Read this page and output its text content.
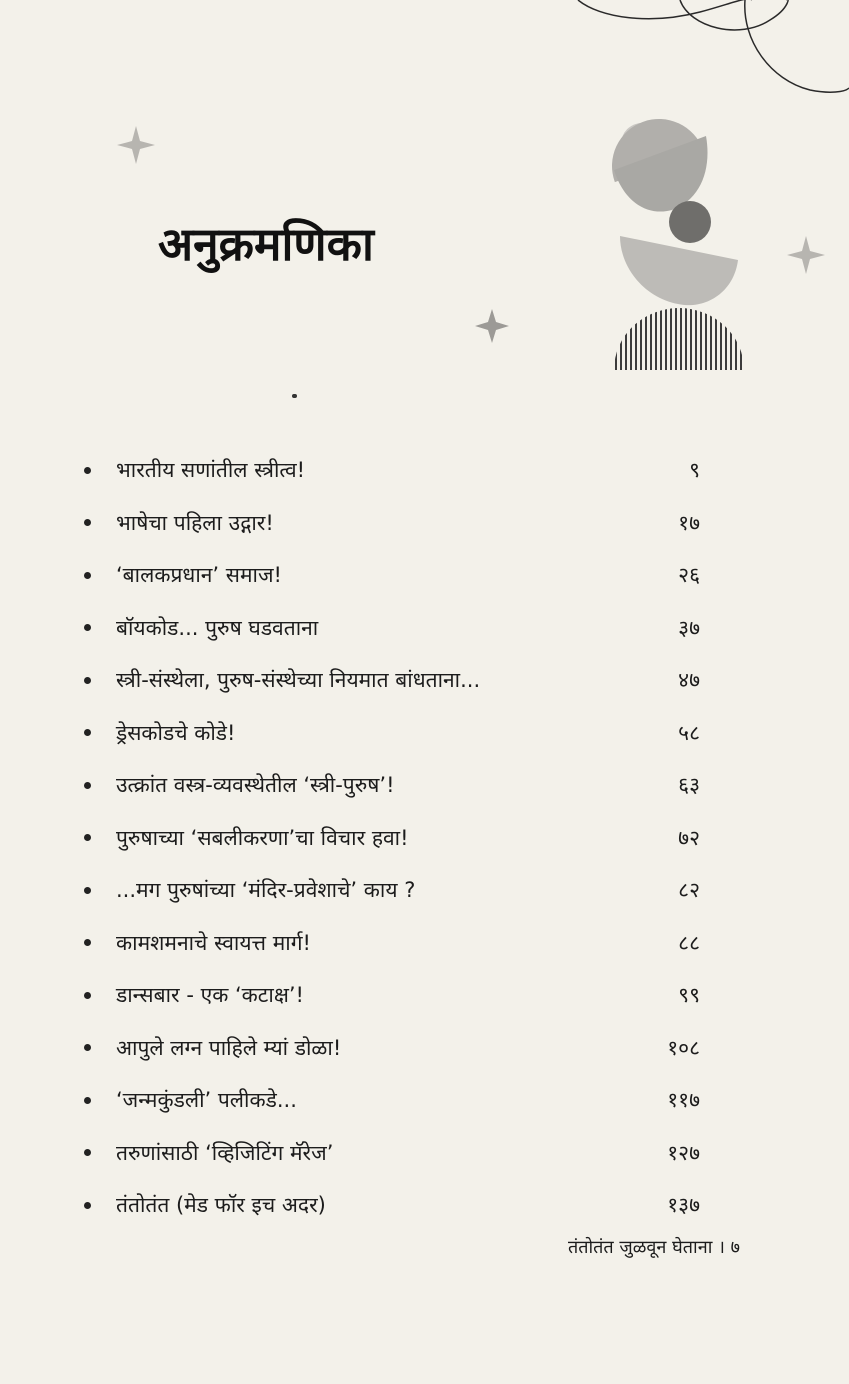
अनुक्रमणिका
भारतीय सणांतील स्त्रीत्व!	९
भाषेचा पहिला उद्गार!	१७
‘बालकप्रधान’ समाज!	२६
बॉयकोड... पुरुष घडवताना	३७
स्त्री-संस्थेला, पुरुष-संस्थेच्या नियमात बांधताना...	४७
ड्रेसकोडचे कोडे!	५८
उत्क्रांत वस्त्र-व्यवस्थेतील ‘स्त्री-पुरुष’!	६३
पुरुषाच्या ‘सबलीकरणा’चा विचार हवा!	७२
...मग पुरुषांच्या ‘मंदिर-प्रवेशाचे’ काय ?	८२
कामशमनाचे स्वायत्त मार्ग!	८८
डान्सबार - एक ‘कटाक्ष’!	९९
आपुले लग्न पाहिले म्यां डोळा!	१०८
‘जन्मकुंडली’ पलीकडे...	११७
तरुणांसाठी ‘व्हिजिटिंग मॅरेज’	१२७
तंतोतंत (मेड फॉर इच अदर)	१३७
तंतोतंत जुळवून घेताना । ७
